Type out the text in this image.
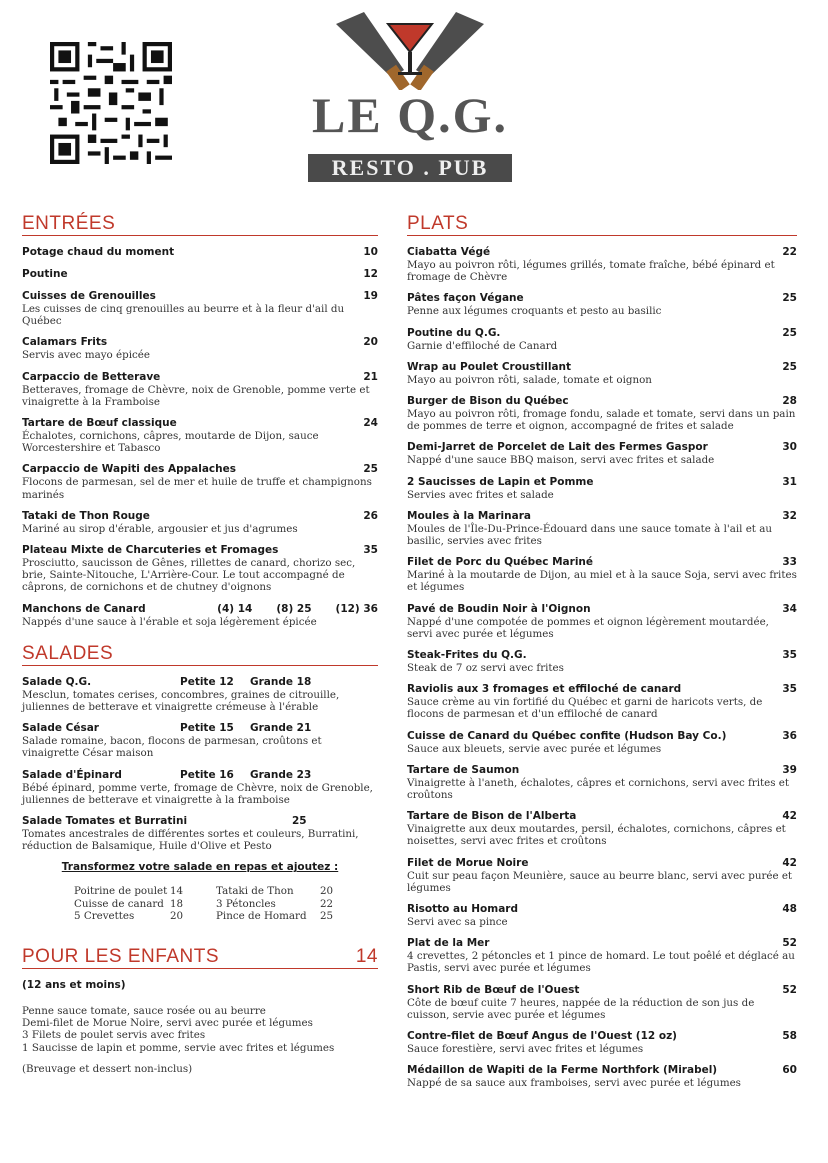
LE Q.G.
RESTO . PUB
ENTRÉES
Potage chaud du moment	10
Poutine	12
Cuisses de Grenouilles	19
Les cuisses de cinq grenouilles au beurre et à la fleur d'ail du Québec
Calamars Frits	20
Servis avec mayo épicée
Carpaccio de Betterave	21
Betteraves, fromage de Chèvre, noix de Grenoble, pomme verte et vinaigrette à la Framboise
Tartare de Bœuf classique	24
Échalotes, cornichons, câpres, moutarde de Dijon, sauce Worcestershire et Tabasco
Carpaccio de Wapiti des Appalaches	25
Flocons de parmesan, sel de mer et huile de truffe et champignons marinés
Tataki de Thon Rouge	26
Mariné au sirop d'érable, argousier et jus d'agrumes
Plateau Mixte de Charcuteries et Fromages	35
Prosciutto, saucisson de Gênes, rillettes de canard, chorizo sec, brie, Sainte-Nitouche, L'Arrière-Cour. Le tout accompagné de câprons, de cornichons et de chutney d'oignons
Manchons de Canard	(4) 14 (8) 25 (12) 36
Nappés d'une sauce à l'érable et soja légèrement épicée
SALADES
Salade Q.G.	Petite 12	Grande 18
Mesclun, tomates cerises, concombres, graines de citrouille, juliennes de betterave et vinaigrette crémeuse à l'érable
Salade César	Petite 15	Grande 21
Salade romaine, bacon, flocons de parmesan, croûtons et vinaigrette César maison
Salade d'Épinard	Petite 16	Grande 23
Bébé épinard, pomme verte, fromage de Chèvre, noix de Grenoble, juliennes de betterave et vinaigrette à la framboise
Salade Tomates et Burratini	25
Tomates ancestrales de différentes sortes et couleurs, Burratini, réduction de Balsamique, Huile d'Olive et Pesto
Transformez votre salade en repas et ajoutez :
Poitrine de poulet 14	Tataki de Thon	20
Cuisse de canard 18	3 Pétoncles	22
5 Crevettes	20	Pince de Homard	25
POUR LES ENFANTS	14
(12 ans et moins)
Penne sauce tomate, sauce rosée ou au beurre
Demi-filet de Morue Noire, servi avec purée et légumes
3 Filets de poulet servis avec frites
1 Saucisse de lapin et pomme, servie avec frites et légumes
(Breuvage et dessert non-inclus)
PLATS
Ciabatta Végé	22
Mayo au poivron rôti, légumes grillés, tomate fraîche, bébé épinard et fromage de Chèvre
Pâtes façon Végane	25
Penne aux légumes croquants et pesto au basilic
Poutine du Q.G.	25
Garnie d'effiloché de Canard
Wrap au Poulet Croustillant	25
Mayo au poivron rôti, salade, tomate et oignon
Burger de Bison du Québec	28
Mayo au poivron rôti, fromage fondu, salade et tomate, servi dans un pain de pommes de terre et oignon, accompagné de frites et salade
Demi-Jarret de Porcelet de Lait des Fermes Gaspor	30
Nappé d'une sauce BBQ maison, servi avec frites et salade
2 Saucisses de Lapin et Pomme	31
Servies avec frites et salade
Moules à la Marinara	32
Moules de l'Île-Du-Prince-Édouard dans une sauce tomate à l'ail et au basilic, servies avec frites
Filet de Porc du Québec Mariné	33
Mariné à la moutarde de Dijon, au miel et à la sauce Soja, servi avec frites et légumes
Pavé de Boudin Noir à l'Oignon	34
Nappé d'une compotée de pommes et oignon légèrement moutardée, servi avec purée et légumes
Steak-Frites du Q.G.	35
Steak de 7 oz servi avec frites
Raviolis aux 3 fromages et effiloché de canard	35
Sauce crème au vin fortifié du Québec et garni de haricots verts, de flocons de parmesan et d'un effiloché de canard
Cuisse de Canard du Québec confite (Hudson Bay Co.)	36
Sauce aux bleuets, servie avec purée et légumes
Tartare de Saumon	39
Vinaigrette à l'aneth, échalotes, câpres et cornichons, servi avec frites et croûtons
Tartare de Bison de l'Alberta	42
Vinaigrette aux deux moutardes, persil, échalotes, cornichons, câpres et noisettes, servi avec frites et croûtons
Filet de Morue Noire	42
Cuit sur peau façon Meunière, sauce au beurre blanc, servi avec purée et légumes
Risotto au Homard	48
Servi avec sa pince
Plat de la Mer	52
4 crevettes, 2 pétoncles et 1 pince de homard. Le tout poêlé et déglacé au Pastis, servi avec purée et légumes
Short Rib de Bœuf de l'Ouest	52
Côte de bœuf cuite 7 heures, nappée de la réduction de son jus de cuisson, servie avec purée et légumes
Contre-filet de Bœuf Angus de l'Ouest (12 oz)	58
Sauce forestière, servi avec frites et légumes
Médaillon de Wapiti de la Ferme Northfork (Mirabel)	60
Nappé de sa sauce aux framboises, servi avec purée et légumes
